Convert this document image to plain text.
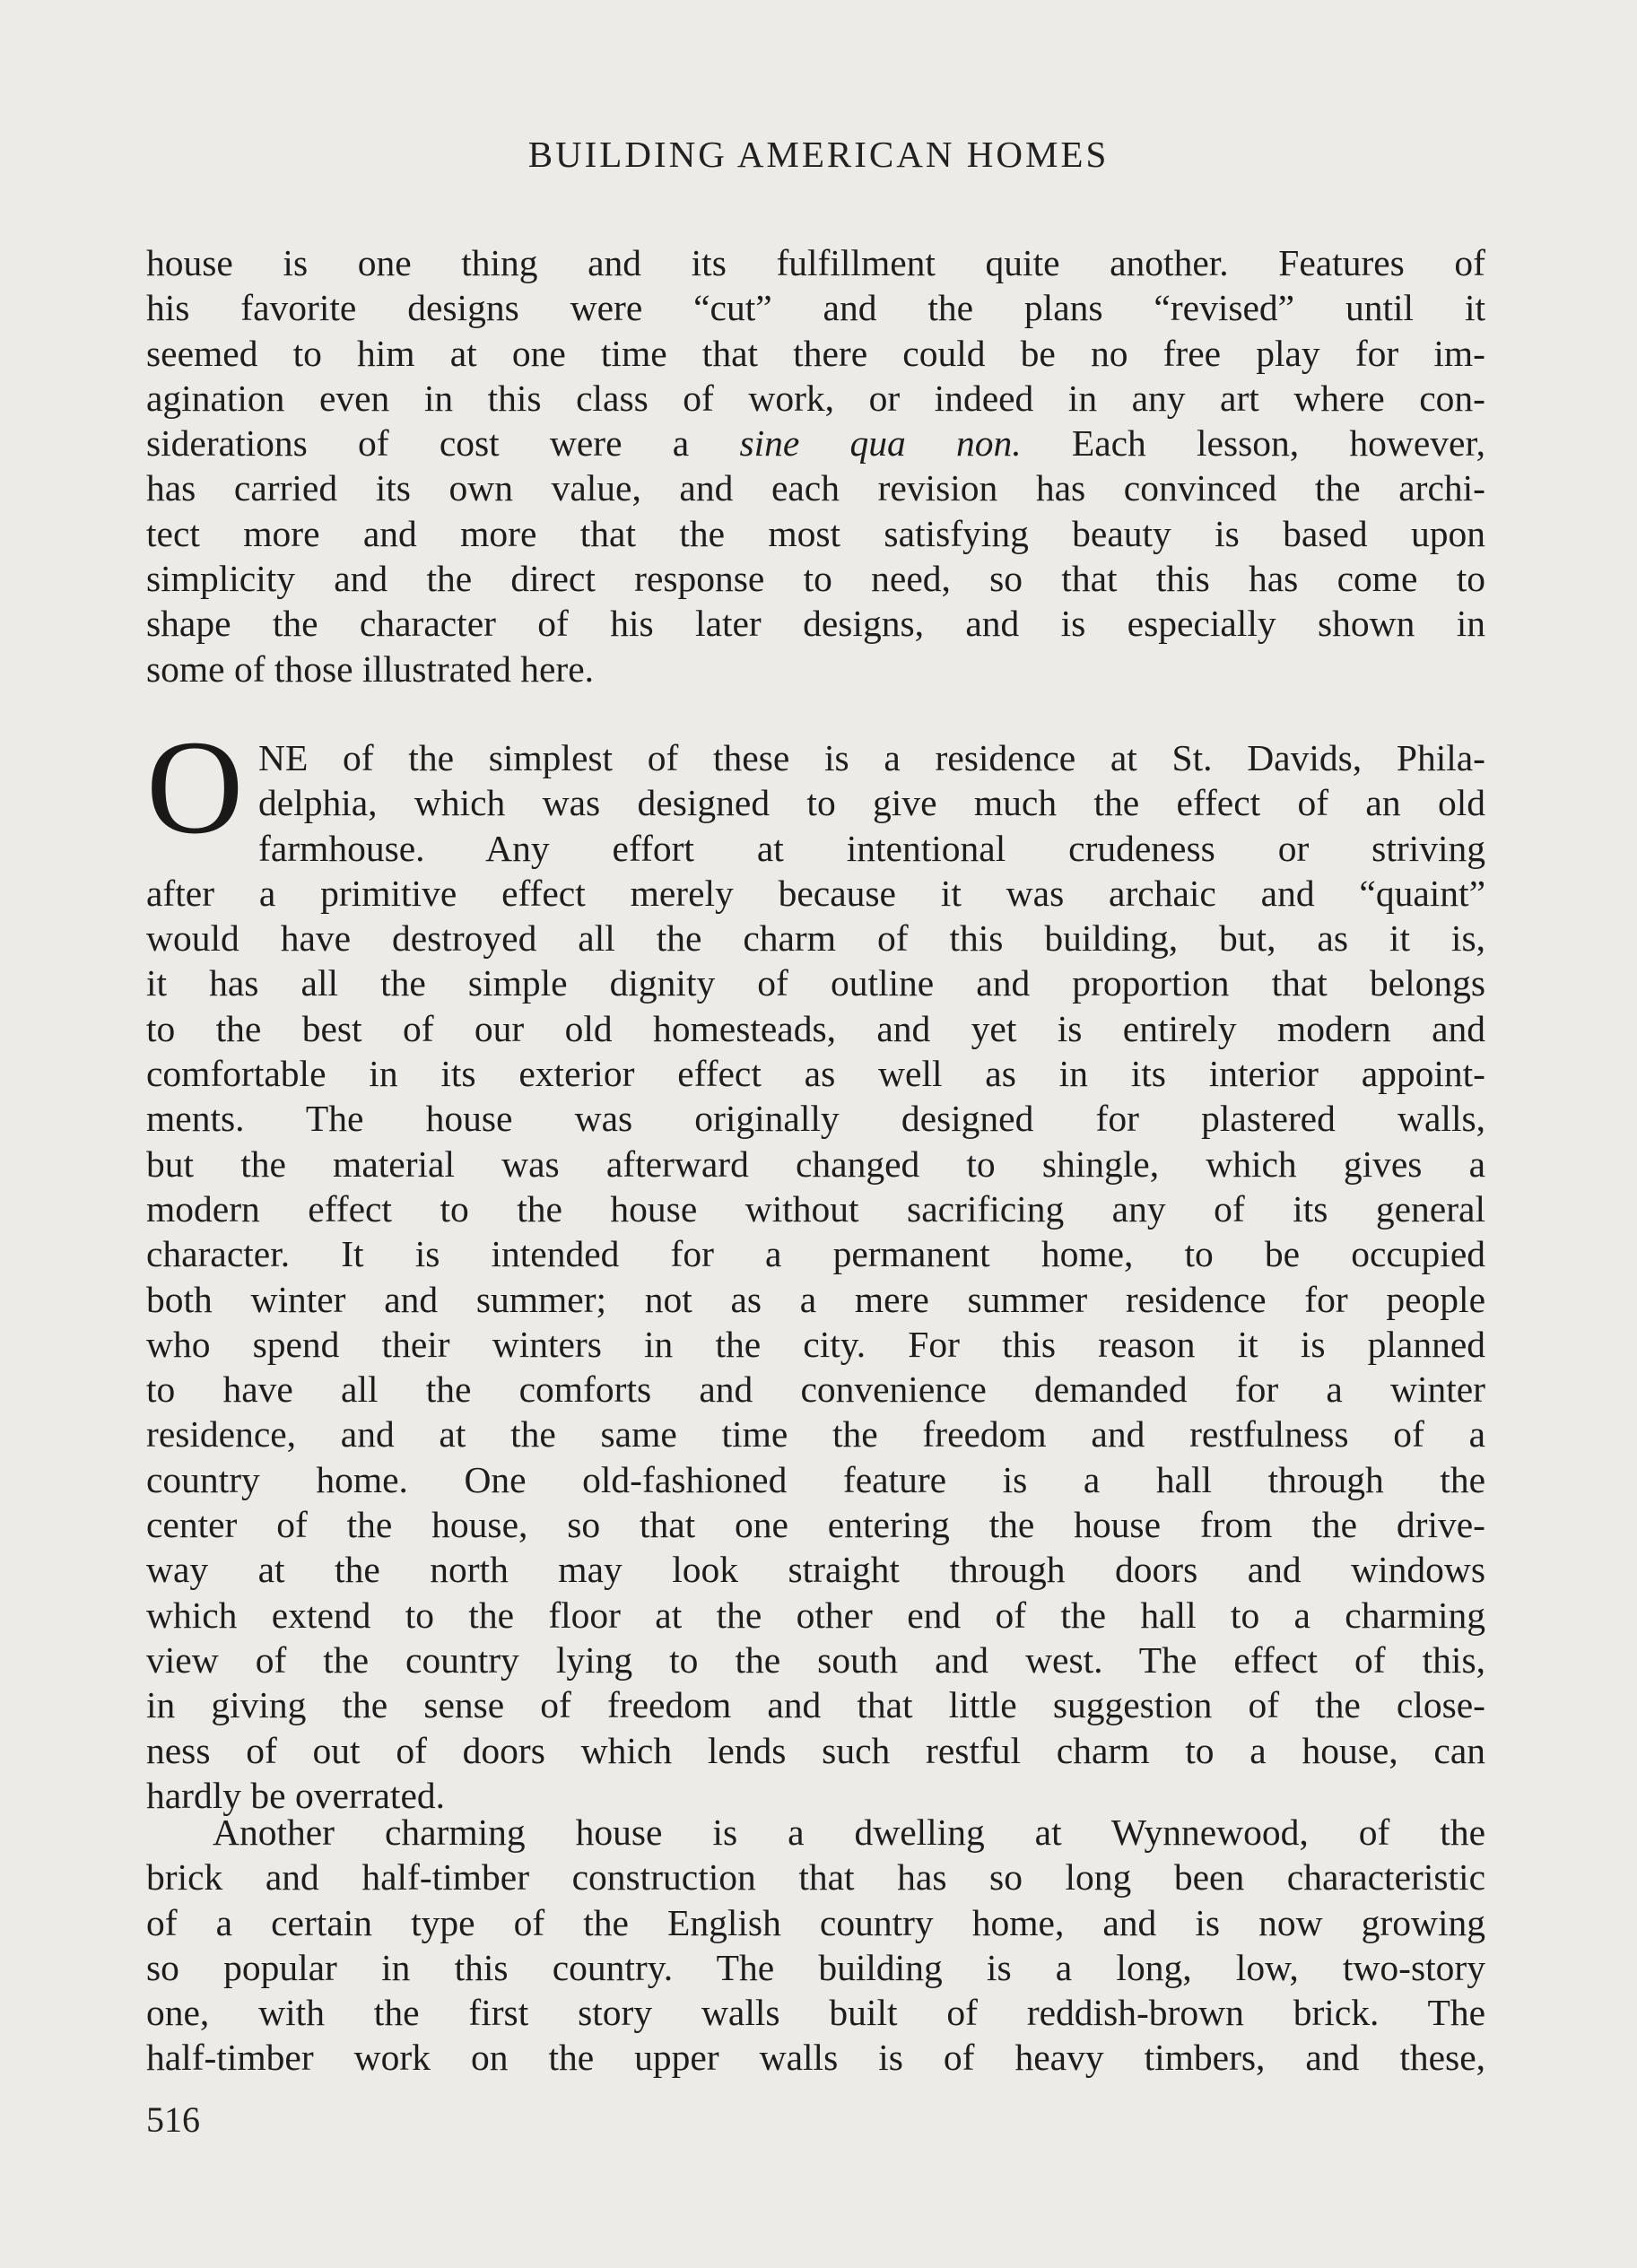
BUILDING AMERICAN HOMES
house is one thing and its fulfillment quite another. Features of
his favorite designs were “cut” and the plans “revised” until it
seemed to him at one time that there could be no free play for im-
agination even in this class of work, or indeed in any art where con-
siderations of cost were a sine qua non. Each lesson, however,
has carried its own value, and each revision has convinced the archi-
tect more and more that the most satisfying beauty is based upon
simplicity and the direct response to need, so that this has come to
shape the character of his later designs, and is especially shown in
some of those illustrated here.
O NE of the simplest of these is a residence at St. Davids, Phila-
delphia, which was designed to give much the effect of an old
farmhouse. Any effort at intentional crudeness or striving
after a primitive effect merely because it was archaic and “quaint”
would have destroyed all the charm of this building, but, as it is,
it has all the simple dignity of outline and proportion that belongs
to the best of our old homesteads, and yet is entirely modern and
comfortable in its exterior effect as well as in its interior appoint-
ments. The house was originally designed for plastered walls,
but the material was afterward changed to shingle, which gives a
modern effect to the house without sacrificing any of its general
character. It is intended for a permanent home, to be occupied
both winter and summer; not as a mere summer residence for people
who spend their winters in the city. For this reason it is planned
to have all the comforts and convenience demanded for a winter
residence, and at the same time the freedom and restfulness of a
country home. One old-fashioned feature is a hall through the
center of the house, so that one entering the house from the drive-
way at the north may look straight through doors and windows
which extend to the floor at the other end of the hall to a charming
view of the country lying to the south and west. The effect of this,
in giving the sense of freedom and that little suggestion of the close-
ness of out of doors which lends such restful charm to a house, can
hardly be overrated.
Another charming house is a dwelling at Wynnewood, of the
brick and half-timber construction that has so long been characteristic
of a certain type of the English country home, and is now growing
so popular in this country. The building is a long, low, two-story
one, with the first story walls built of reddish-brown brick. The
half-timber work on the upper walls is of heavy timbers, and these,
516
